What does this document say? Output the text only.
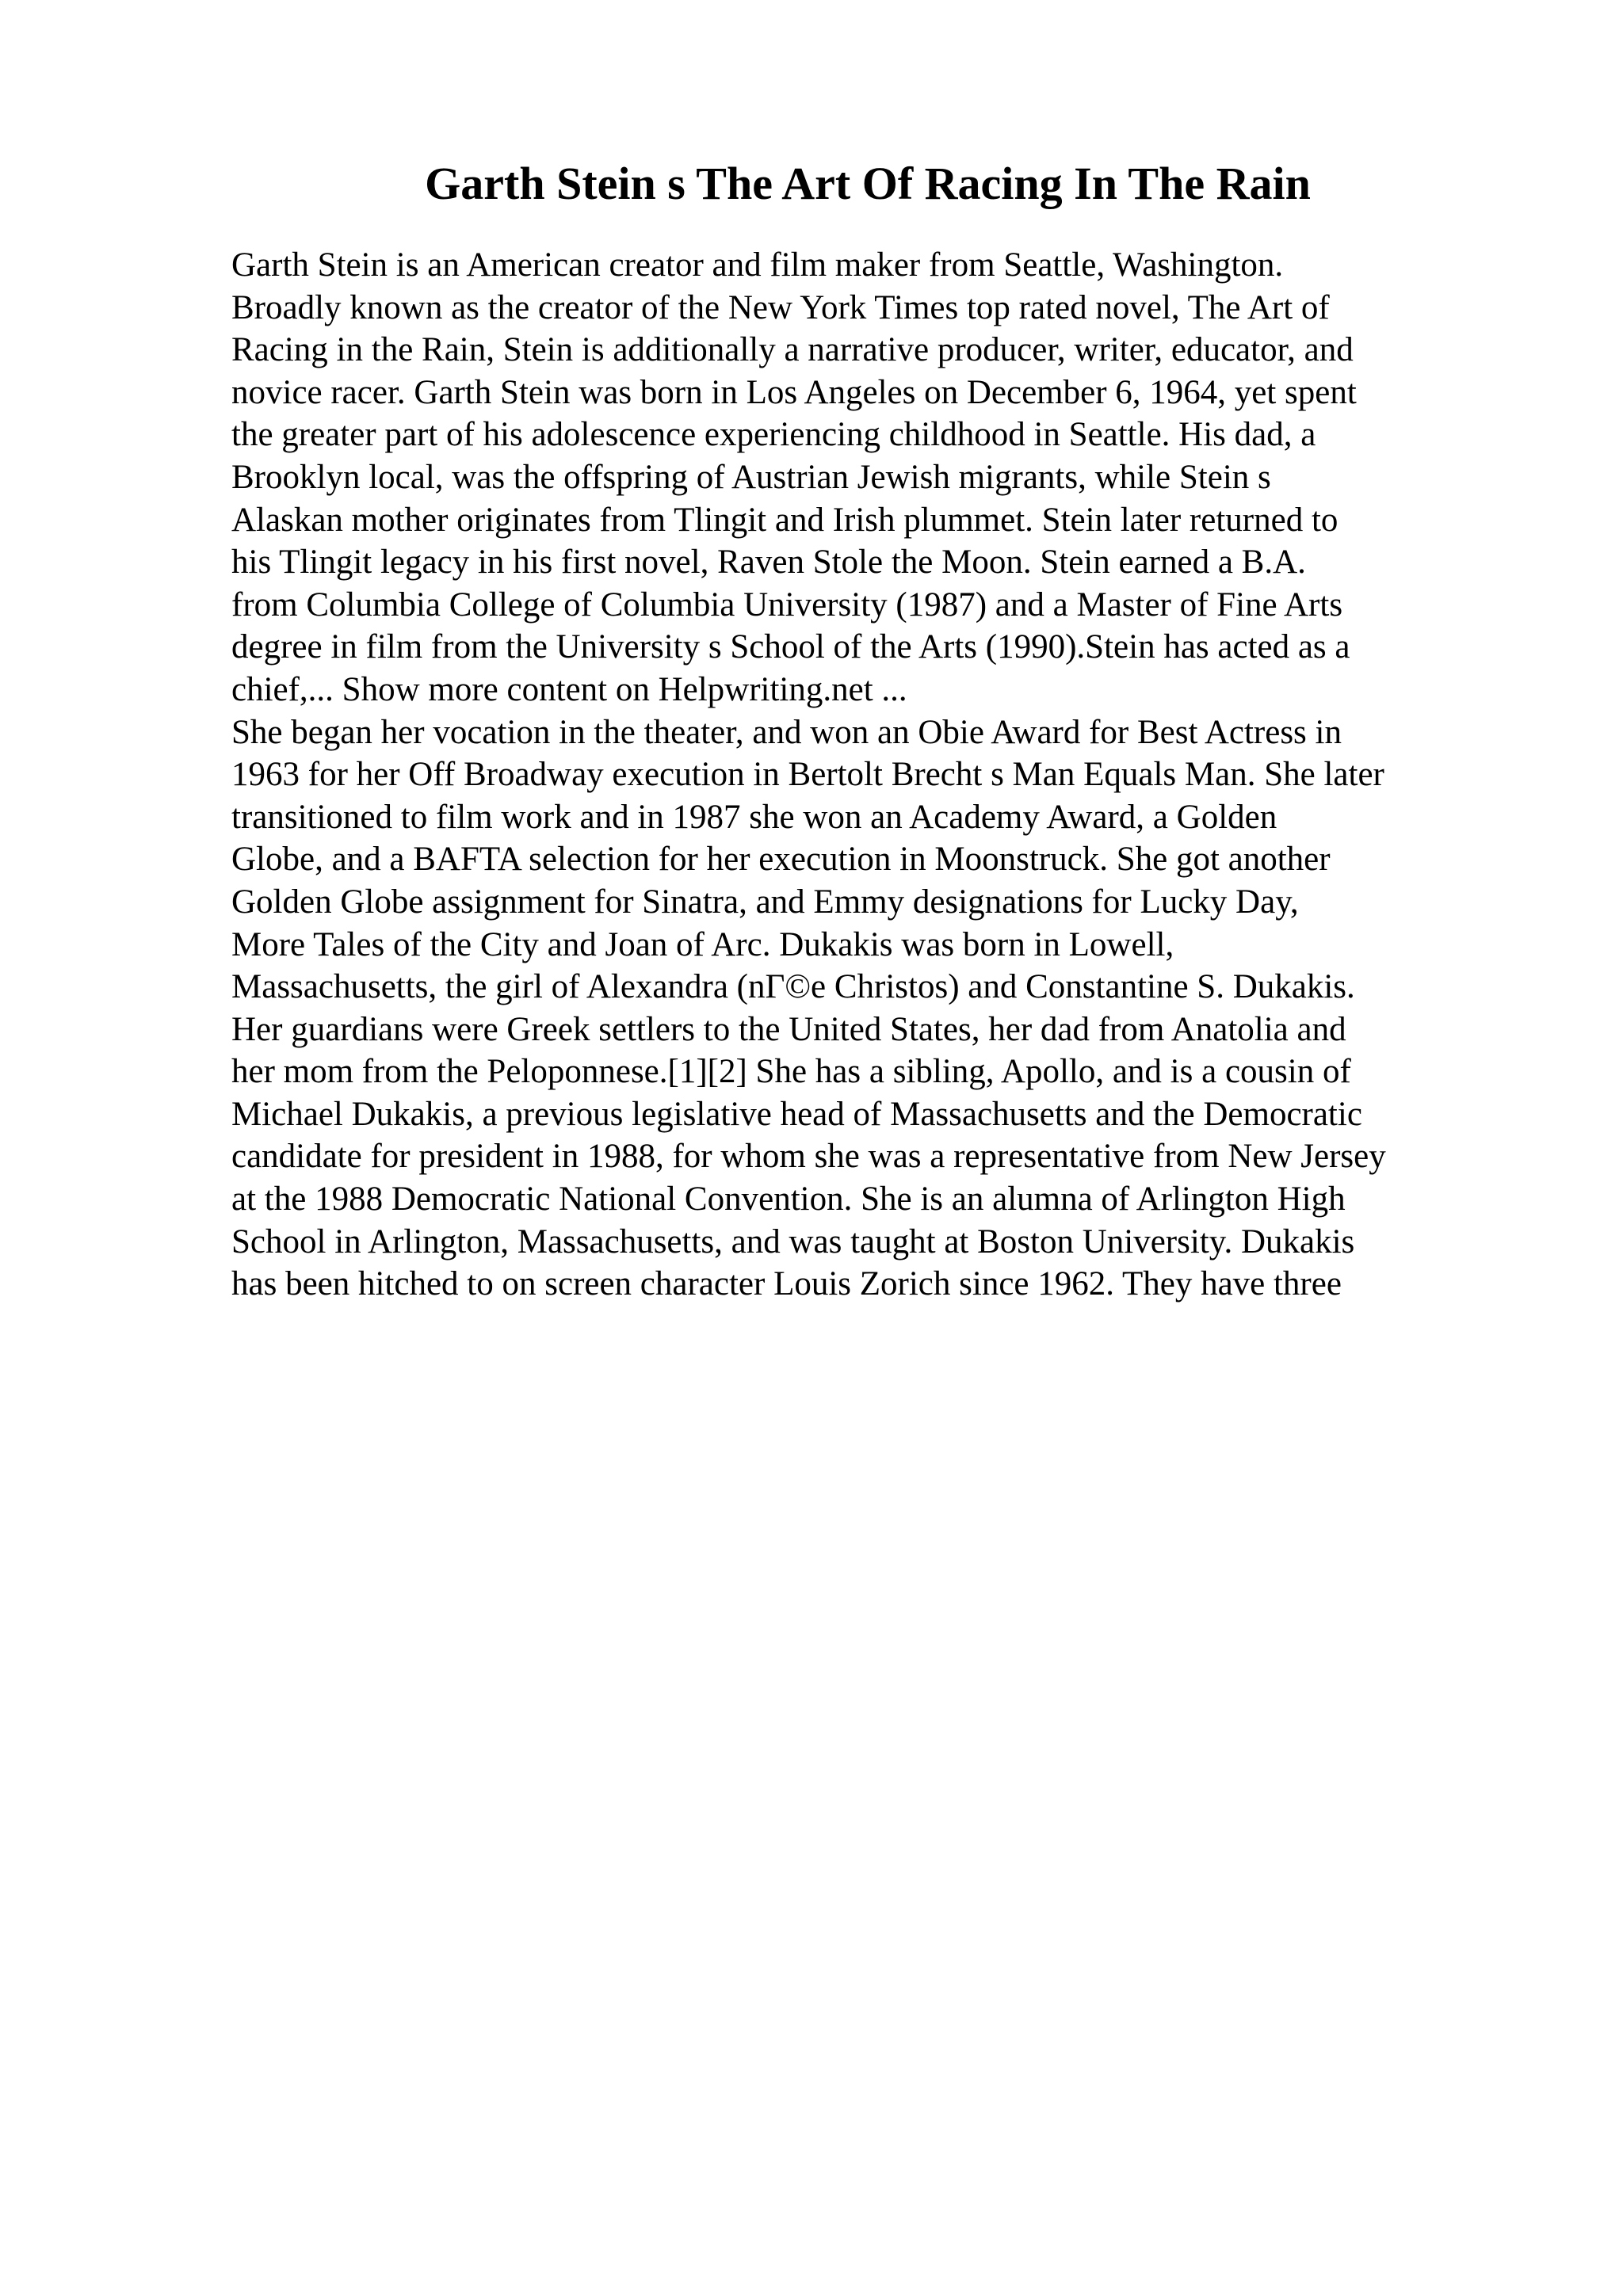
Garth Stein s The Art Of Racing In The Rain
Garth Stein is an American creator and film maker from Seattle, Washington.
Broadly known as the creator of the New York Times top rated novel, The Art of
Racing in the Rain, Stein is additionally a narrative producer, writer, educator, and
novice racer. Garth Stein was born in Los Angeles on December 6, 1964, yet spent
the greater part of his adolescence experiencing childhood in Seattle. His dad, a
Brooklyn local, was the offspring of Austrian Jewish migrants, while Stein s
Alaskan mother originates from Tlingit and Irish plummet. Stein later returned to
his Tlingit legacy in his first novel, Raven Stole the Moon. Stein earned a B.A.
from Columbia College of Columbia University (1987) and a Master of Fine Arts
degree in film from the University s School of the Arts (1990).Stein has acted as a
chief,... Show more content on Helpwriting.net ...
She began her vocation in the theater, and won an Obie Award for Best Actress in
1963 for her Off Broadway execution in Bertolt Brecht s Man Equals Man. She later
transitioned to film work and in 1987 she won an Academy Award, a Golden
Globe, and a BAFTA selection for her execution in Moonstruck. She got another
Golden Globe assignment for Sinatra, and Emmy designations for Lucky Day,
More Tales of the City and Joan of Arc. Dukakis was born in Lowell,
Massachusetts, the girl of Alexandra (nГ©e Christos) and Constantine S. Dukakis.
Her guardians were Greek settlers to the United States, her dad from Anatolia and
her mom from the Peloponnese.[1][2] She has a sibling, Apollo, and is a cousin of
Michael Dukakis, a previous legislative head of Massachusetts and the Democratic
candidate for president in 1988, for whom she was a representative from New Jersey
at the 1988 Democratic National Convention. She is an alumna of Arlington High
School in Arlington, Massachusetts, and was taught at Boston University. Dukakis
has been hitched to on screen character Louis Zorich since 1962. They have three
